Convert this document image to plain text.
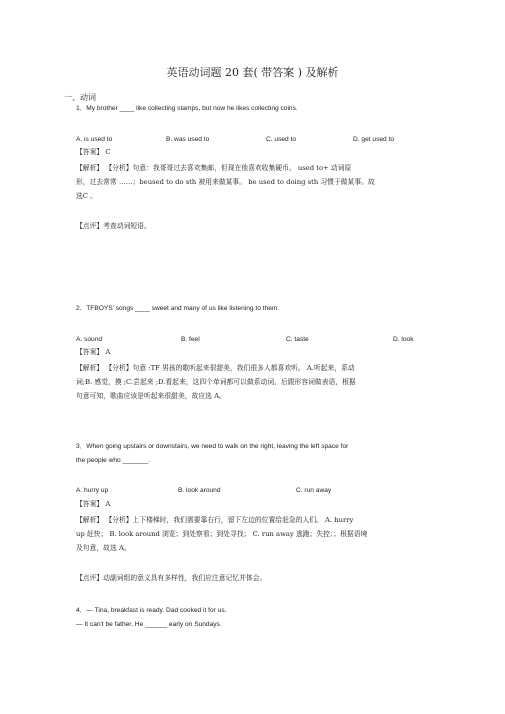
英语动词题 20 套( 带答案 ) 及解析
一、动词
1．My brother ____ like collecting stamps, but now he likes collecting coins.
A. is used to	B. was used to	C. used to	D. get used to
【答案】 C
【解析】 【分析】句意：我哥哥过去喜欢集邮，但现在他喜欢收集硬币。 used to+ 动词原
形，过去常常 ……；beused to do sth 被用来做某事。 be used to doing sth 习惯于做某事。故
选C 。
【点评】考查动词短语。
2．TFBOYS' songs ____ sweet and many of us like listening to them.
A. sound	B. feel	C. taste	D. look
【答案】 A
【解析】 【分析】句意 :TF 男孩的歌听起来很甜美，我们很多人都喜欢听。 A.听起来，系动
词;B. 感觉，摸 ;C.尝起来 ;D.看起来，这四个单词都可以做系动词，后跟形容词做表语，根据
句意可知，歌曲应该是听起来很甜美，故应选 A。
3．When going upstairs or downstairs, we need to walk on the right, leaving the left space for
the people who _______.
A. hurry up	B. look around	C. run away
【答案】 A
【解析】 【分析】上下楼梯时，我们需要靠右行，留下左边的位置给赶急的人们。 A. hurry
up 赶快； B. look around 浏览；到处察看；到处寻找； C. run away 逃跑；失控；；根据语境
及句意，故选 A。
【点评】动副词组的意义具有多样性，我们应注意记忆并体会。
4．— Tina, breakfast is ready. Dad cooked it for us.
— It can't be father. He ______ early on Sundays.
